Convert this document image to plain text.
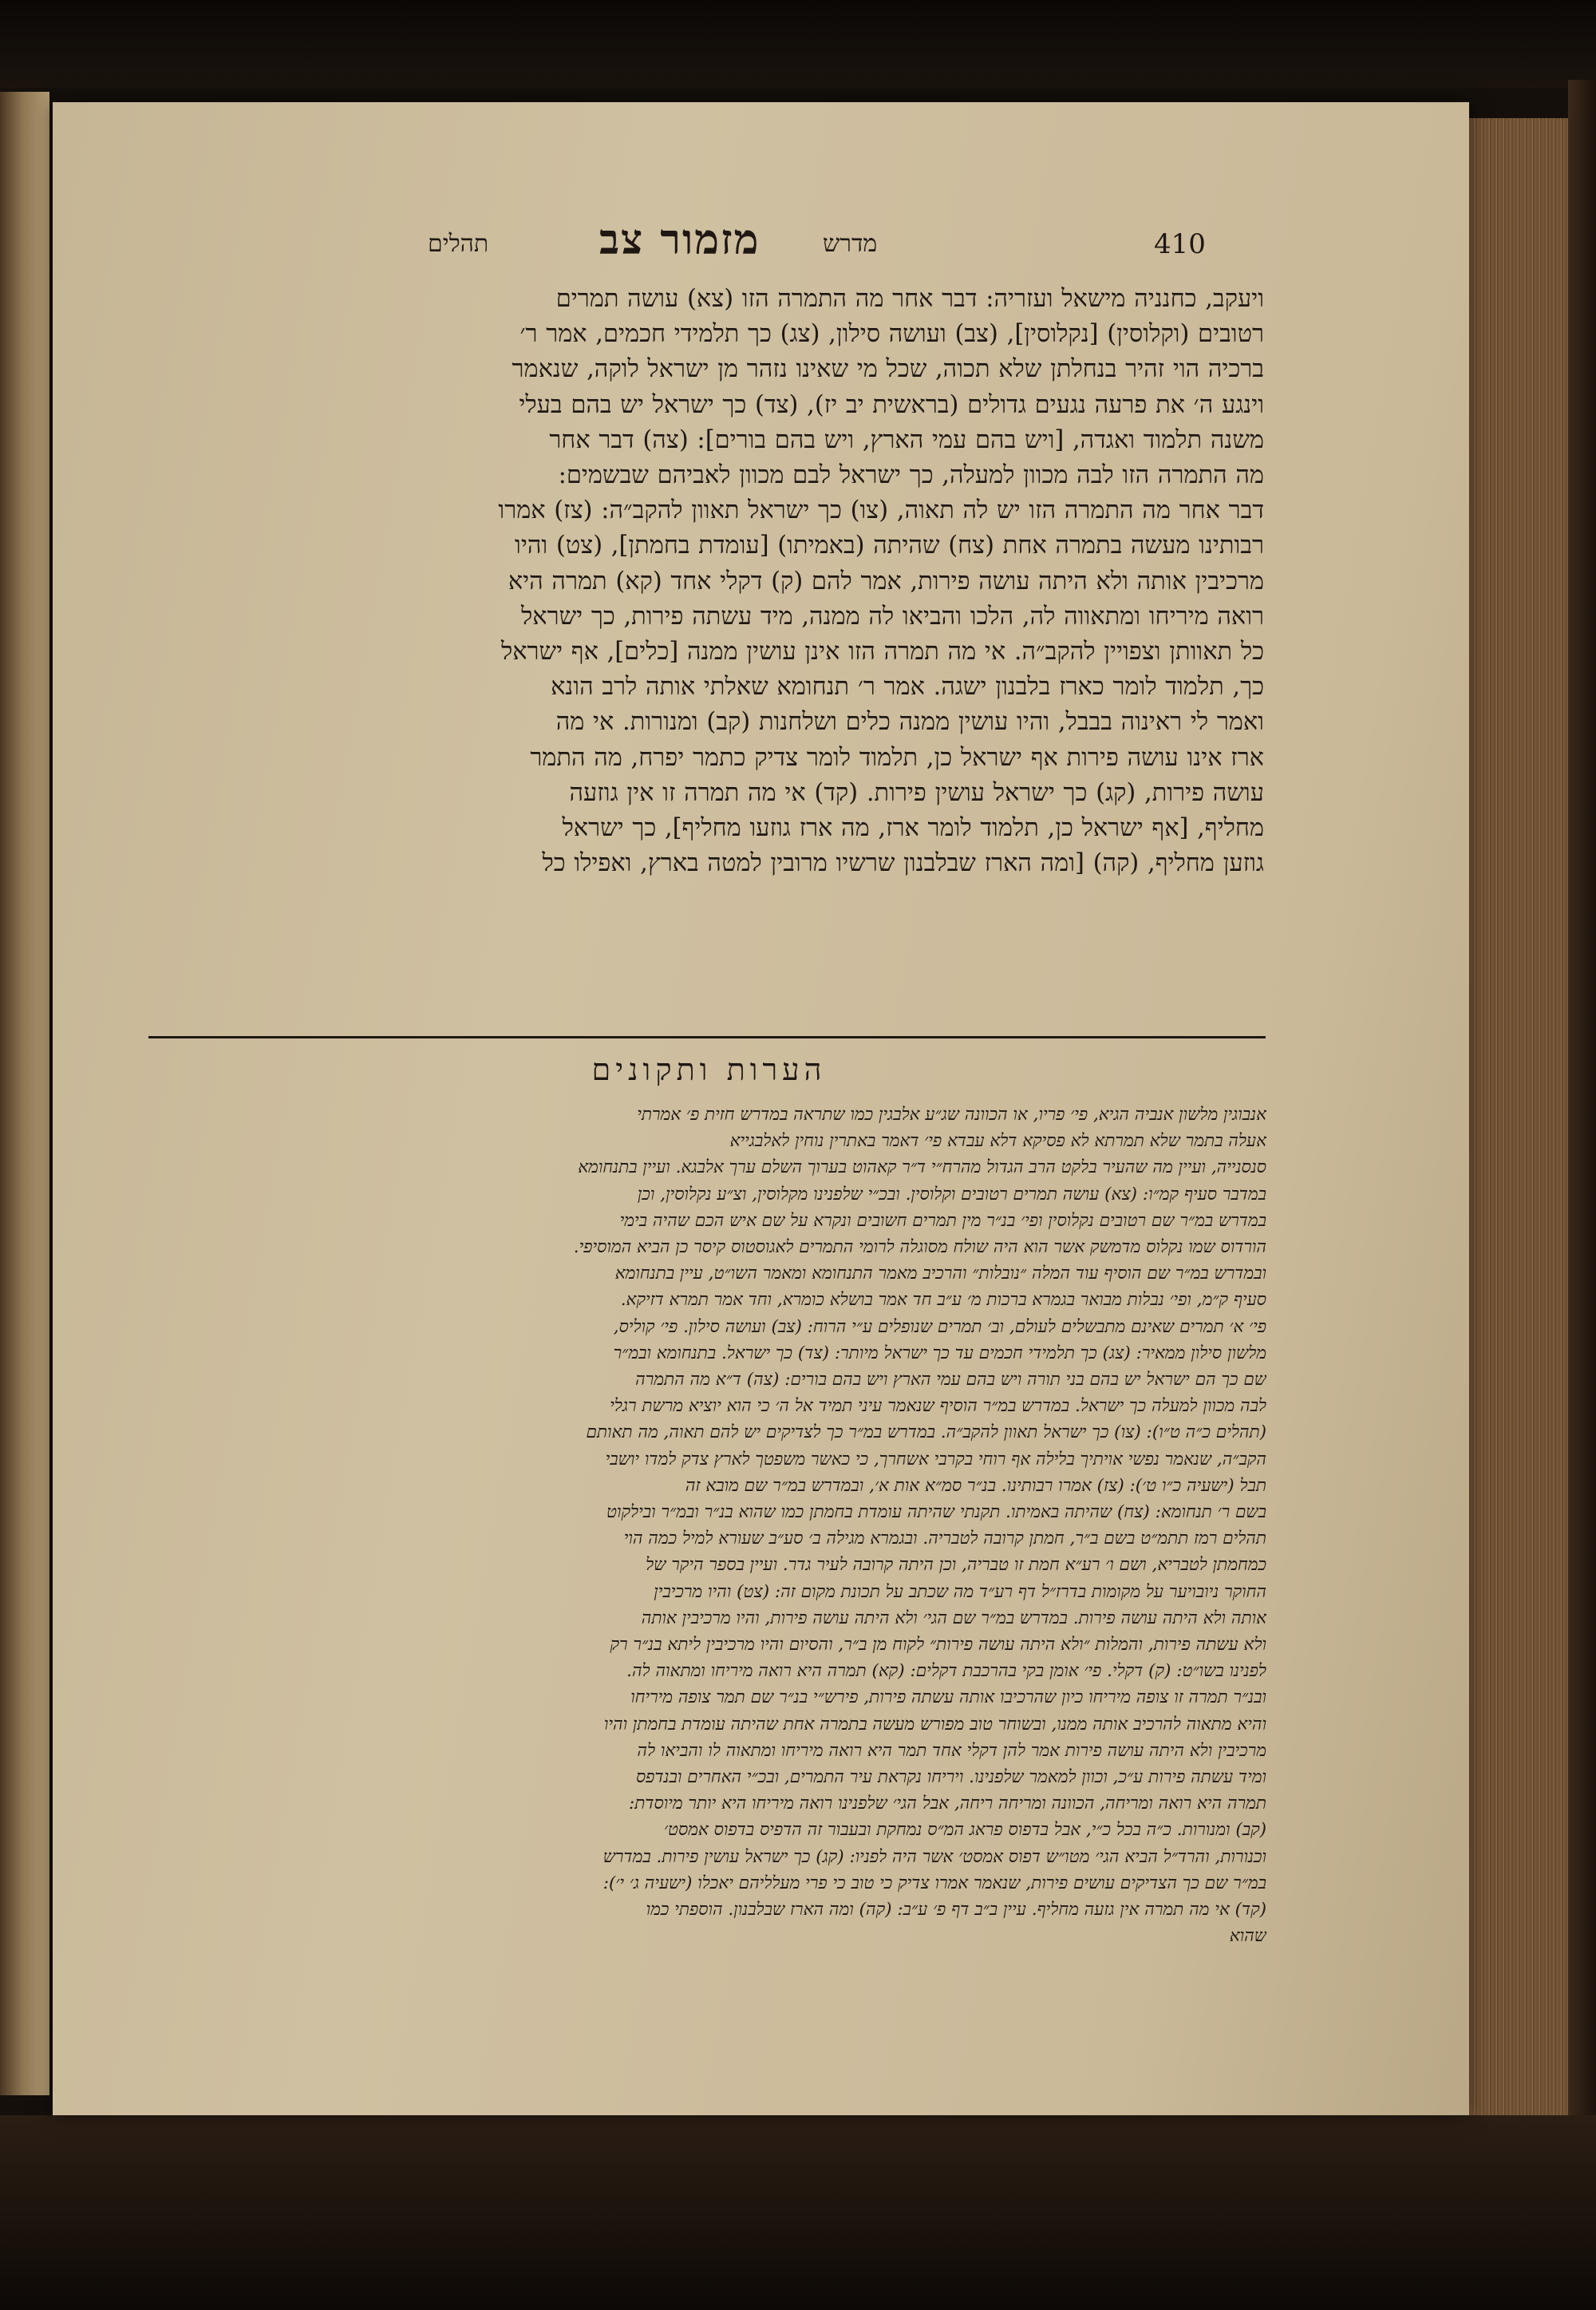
410
מדרש
מזמור צב
תהלים
ויעקב, כחנניה מישאל ועזריה: דבר אחר מה התמרה הזו (צא) עושה תמרים
רטובים (וקלוסין) [נקלוסין], (צב) ועושה סילון, (צג) כך תלמידי חכמים, אמר ר׳
ברכיה הוי זהיר בנחלתן שלא תכוה, שכל מי שאינו נזהר מן ישראל לוקה, שנאמר
וינגע ה׳ את פרעה נגעים גדולים (בראשית יב יז), (צד) כך ישראל יש בהם בעלי
משנה תלמוד ואגדה, [ויש בהם עמי הארץ, ויש בהם בורים]: (צה) דבר אחר
מה התמרה הזו לבה מכוון למעלה, כך ישראל לבם מכוון לאביהם שבשמים:
דבר אחר מה התמרה הזו יש לה תאוה, (צו) כך ישראל תאוון להקב״ה: (צז) אמרו
רבותינו מעשה בתמרה אחת (צח) שהיתה (באמיתו) [עומדת בחמתן], (צט) והיו
מרכיבין אותה ולא היתה עושה פירות, אמר להם (ק) דקלי אחד (קא) תמרה היא
רואה מיריחו ומתאווה לה, הלכו והביאו לה ממנה, מיד עשתה פירות, כך ישראל
כל תאוותן וצפויין להקב״ה. אי מה תמרה הזו אינן עושין ממנה [כלים], אף ישראל
כך, תלמוד לומר כארז בלבנון ישגה. אמר ר׳ תנחומא שאלתי אותה לרב הונא
ואמר לי ראינוה בבבל, והיו עושין ממנה כלים ושלחנות (קב) ומנורות. אי מה
ארז אינו עושה פירות אף ישראל כן, תלמוד לומר צדיק כתמר יפרח, מה התמר
עושה פירות, (קג) כך ישראל עושין פירות. (קד) אי מה תמרה זו אין גוזעה
מחליף, [אף ישראל כן, תלמוד לומר ארז, מה ארז גוזעו מחליף], כך ישראל
גוזען מחליף, (קה) [ומה הארז שבלבנון שרשיו מרובין למטה בארץ, ואפילו כל
הערות ותקונים
אנבוגין מלשון אנביה הגיא, פי׳ פריו, או הכוונה שג״ע אלבגין כמו שתראה במדרש חזית פ׳ אמרתי
אעלה בתמר שלא תמרתא לא פסיקא דלא עבדא פי׳ דאמר באתרין נוחין לאלבגייא
סנסנייה, ועיין מה שהעיר בלקט הרב הגדול מהרח״י ד״ר קאהוט בערוך השלם ערך אלבגא. ועיין בתנחומא
במדבר סעיף קמ״ו: (צא) עושה תמרים רטובים וקלוסין. ובכ״י שלפנינו מקלוסין, וצ״ע נקלוסין, וכן
במדרש במ״ר שם רטובים נקלוסין ופי׳ בנ״ר מין תמרים חשובים ונקרא על שם איש הכם שהיה בימי
הורדוס שמו נקלוס מדמשק אשר הוא היה שולח מסוגלה לרומי התמרים לאגוסטוס קיסר כן הביא המוסיפי.
ובמדרש במ״ר שם הוסיף עוד המלה ״נובלות״ והרכיב מאמר התנחומא ומאמר השו״ט, עיין בתנחומא
סעיף ק״מ, ופי׳ נבלות מבואר בגמרא ברכות מ׳ ע״ב חד אמר בושלא כומרא, וחד אמר תמרא דזיקא.
פי׳ א׳ תמרים שאינם מתבשלים לעולם, וב׳ תמרים שנופלים ע״י הרוח: (צב) ועושה סילון. פי׳ קוליס,
מלשון סילון ממאיר: (צג) כך תלמידי חכמים עד כך ישראל מיותר: (צד) כך ישראל. בתנחומא ובמ״ר
שם כך הם ישראל יש בהם בני תורה ויש בהם עמי הארץ ויש בהם בורים: (צה) ד״א מה התמרה
לבה מכוון למעלה כך ישראל. במדרש במ״ר הוסיף שנאמר עיני תמיד אל ה׳ כי הוא יוציא מרשת רגלי
(תהלים כ״ה ט״ו): (צו) כך ישראל תאוון להקב״ה. במדרש במ״ר כך לצדיקים יש להם תאוה, מה תאותם
הקב״ה, שנאמר נפשי אויתיך בלילה אף רוחי בקרבי אשחרך, כי כאשר משפטך לארץ צדק למדו יושבי
תבל (ישעיה כ״ו ט׳): (צז) אמרו רבותינו. בנ״ר סמ״א אות א׳, ובמדרש במ״ר שם מובא זה
בשם ר׳ תנחומא: (צח) שהיתה באמיתו. תקנתי שהיתה עומדת בחמתן כמו שהוא בנ״ר ובמ״ר ובילקוט
תהלים רמז תתמ״ט בשם ב״ר, חמתן קרובה לטבריה. ובגמרא מגילה ב׳ סע״ב שעורא למיל כמה הוי
כמחמתן לטבריא, ושם ו׳ רע״א חמת זו טבריה, וכן היתה קרובה לעיר גדר. ועיין בספר היקר של
החוקר ניובויער על מקומות בדרז״ל דף רע״ד מה שכתב על תכונת מקום זה: (צט) והיו מרכיבין
אותה ולא היתה עושה פירות. במדרש במ״ר שם הגי׳ ולא היתה עושה פירות, והיו מרכיבין אותה
ולא עשתה פירות, והמלות ״ולא היתה עושה פירות״ לקוח מן ב״ר, והסיום והיו מרכיבין ליתא בנ״ר רק
לפנינו בשו״ט: (ק) דקלי. פי׳ אומן בקי בהרכבת דקלים: (קא) תמרה היא רואה מיריחו ומתאוה לה.
ובנ״ר תמרה זו צופה מיריחו כיון שהרכיבו אותה עשתה פירות, פירש״י בנ״ר שם תמר צופה מיריחו
והיא מתאוה להרכיב אותה ממנו, ובשוחר טוב מפורש מעשה בתמרה אחת שהיתה עומדת בחמתן והיו
מרכיבין ולא היתה עושה פירות אמר להן דקלי אחד תמר היא רואה מיריחו ומתאוה לו והביאו לה
ומיד עשתה פירות ע״כ, וכוון למאמר שלפנינו. ויריחו נקראת עיר התמרים, ובכ״י האחרים ובנדפס
תמרה היא רואה ומריחה, הכוונה ומריחה ריחה, אבל הגי׳ שלפנינו רואה מיריחו היא יותר מיוסדת:
(קב) ומנורות. כ״ה בכל כ״י, אבל בדפוס פראג המ״ס נמחקת ובעבור זה הדפיס בדפוס אמסט׳
וכנורות, והרד״ל הביא הגי׳ מטו״ש דפוס אמסט׳ אשר היה לפניו: (קג) כך ישראל עושין פירות. במדרש
במ״ר שם כך הצדיקים עושים פירות, שנאמר אמרו צדיק כי טוב כי פרי מעלליהם יאכלו (ישעיה ג׳ י׳):
(קד) אי מה תמרה אין גזעה מחליף. עיין ב״ב דף פ׳ ע״ב: (קה) ומה הארז שבלבנון. הוספתי כמו
שהוא
